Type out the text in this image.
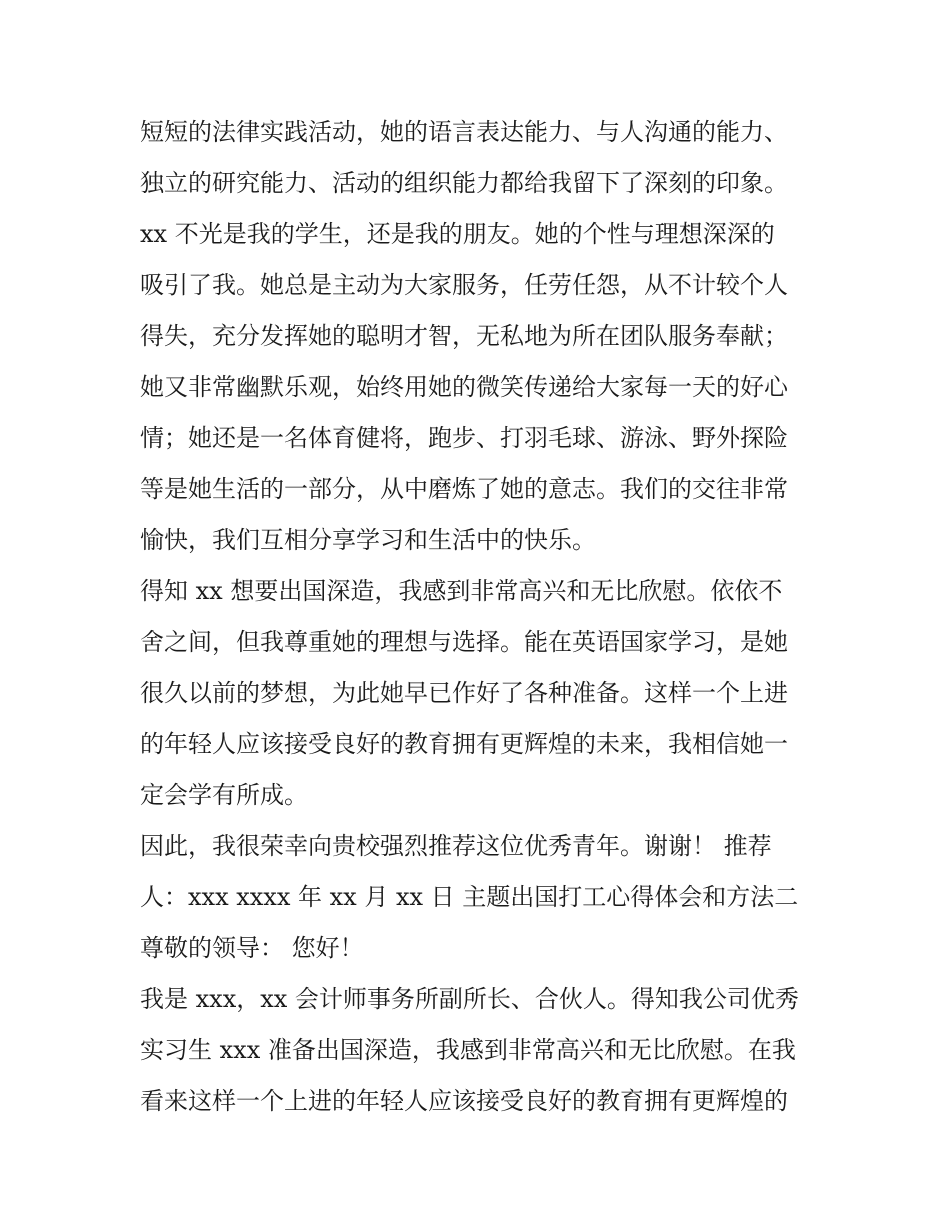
短短的法律实践活动，她的语言表达能力、与人沟通的能力、

独立的研究能力、活动的组织能力都给我留下了深刻的印象。

xx 不光是我的学生，还是我的朋友。她的个性与理想深深的

吸引了我。她总是主动为大家服务，任劳任怨，从不计较个人

得失，充分发挥她的聪明才智，无私地为所在团队服务奉献；

她又非常幽默乐观，始终用她的微笑传递给大家每一天的好心

情；她还是一名体育健将，跑步、打羽毛球、游泳、野外探险

等是她生活的一部分，从中磨炼了她的意志。我们的交往非常

愉快，我们互相分享学习和生活中的快乐。

得知 xx 想要出国深造，我感到非常高兴和无比欣慰。依依不

舍之间，但我尊重她的理想与选择。能在英语国家学习，是她

很久以前的梦想，为此她早已作好了各种准备。这样一个上进

的年轻人应该接受良好的教育拥有更辉煌的未来，我相信她一

定会学有所成。

因此，我很荣幸向贵校强烈推荐这位优秀青年。谢谢！ 推荐

人：xxx xxxx 年 xx 月 xx 日 主题出国打工心得体会和方法二

尊敬的领导： 您好！

我是 xxx，xx 会计师事务所副所长、合伙人。得知我公司优秀

实习生 xxx 准备出国深造，我感到非常高兴和无比欣慰。在我

看来这样一个上进的年轻人应该接受良好的教育拥有更辉煌的
